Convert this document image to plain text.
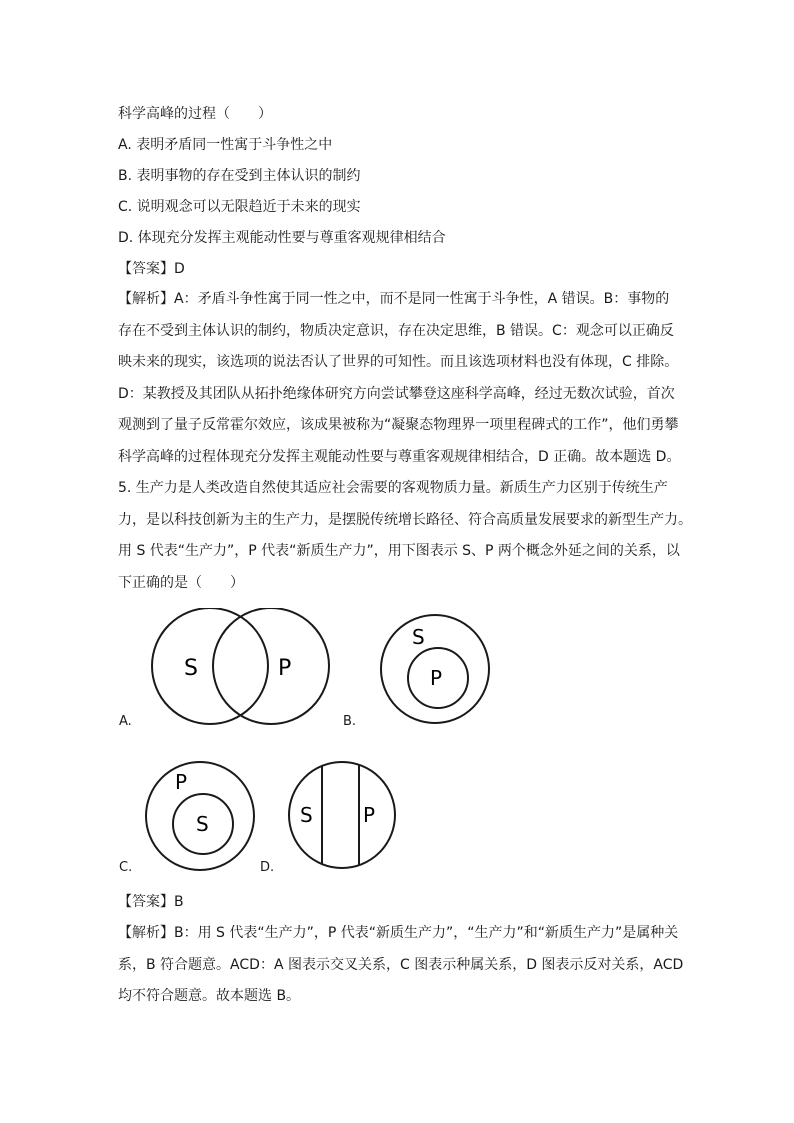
科学高峰的过程（　　）
A. 表明矛盾同一性寓于斗争性之中
B. 表明事物的存在受到主体认识的制约
C. 说明观念可以无限趋近于未来的现实
D. 体现充分发挥主观能动性要与尊重客观规律相结合
【答案】D
【解析】A：矛盾斗争性寓于同一性之中，而不是同一性寓于斗争性，A 错误。B：事物的
存在不受到主体认识的制约，物质决定意识，存在决定思维，B 错误。C：观念可以正确反
映未来的现实，该选项的说法否认了世界的可知性。而且该选项材料也没有体现，C 排除。
D：某教授及其团队从拓扑绝缘体研究方向尝试攀登这座科学高峰，经过无数次试验，首次
观测到了量子反常霍尔效应，该成果被称为“凝聚态物理界一项里程碑式的工作”，他们勇攀
科学高峰的过程体现充分发挥主观能动性要与尊重客观规律相结合，D 正确。故本题选 D。
5. 生产力是人类改造自然使其适应社会需要的客观物质力量。新质生产力区别于传统生产
力，是以科技创新为主的生产力，是摆脱传统增长路径、符合高质量发展要求的新型生产力。
用 S 代表“生产力”，P 代表“新质生产力”，用下图表示 S、P 两个概念外延之间的关系，以
下正确的是（　　）
S	P
A.
S
P
B.
P
S
C.
S	P
D.
【答案】B
【解析】B：用 S 代表“生产力”，P 代表“新质生产力”，“生产力”和“新质生产力”是属种关
系，B 符合题意。ACD：A 图表示交叉关系，C 图表示种属关系，D 图表示反对关系，ACD
均不符合题意。故本题选 B。
